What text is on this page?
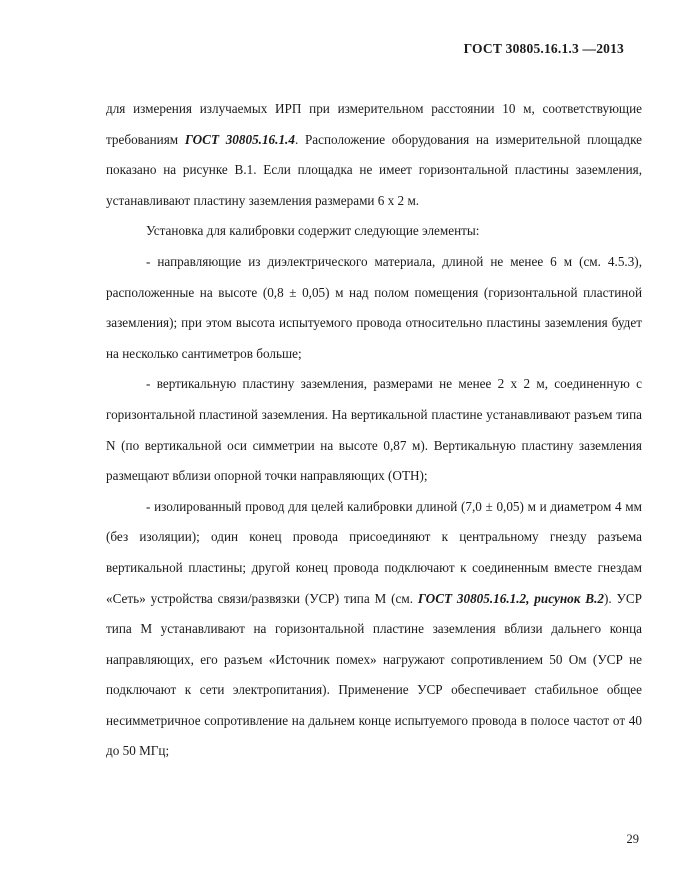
ГОСТ 30805.16.1.3 —2013

для измерения излучаемых ИРП при измерительном расстоянии 10 м, соответствующие требованиям ГОСТ 30805.16.1.4. Расположение оборудования на измерительной площадке показано на рисунке В.1. Если площадка не имеет горизонтальной пластины заземления, устанавливают пластину заземления размерами 6 х 2 м.

Установка для калибровки содержит следующие элементы:

- направляющие из диэлектрического материала, длиной не менее 6 м (см. 4.5.3), расположенные на высоте (0,8 ± 0,05) м над полом помещения (горизонтальной пластиной заземления); при этом высота испытуемого провода относительно пластины заземления будет на несколько сантиметров больше;

- вертикальную пластину заземления, размерами не менее 2 х 2 м, соединенную с горизонтальной пластиной заземления. На вертикальной пластине устанавливают разъем типа N (по вертикальной оси симметрии на высоте 0,87 м). Вертикальную пластину заземления размещают вблизи опорной точки направляющих (ОТН);

- изолированный провод для целей калибровки длиной (7,0 ± 0,05) м и диаметром 4 мм (без изоляции); один конец провода присоединяют к центральному гнезду разъема вертикальной пластины; другой конец провода подключают к соединенным вместе гнездам «Сеть» устройства связи/развязки (УСР) типа М (см. ГОСТ 30805.16.1.2, рисунок В.2). УСР типа М устанавливают на горизонтальной пластине заземления вблизи дальнего конца направляющих, его разъем «Источник помех» нагружают сопротивлением 50 Ом (УСР не подключают к сети электропитания). Применение УСР обеспечивает стабильное общее несимметричное сопротивление на дальнем конце испытуемого провода в полосе частот от 40 до 50 МГц;

29
